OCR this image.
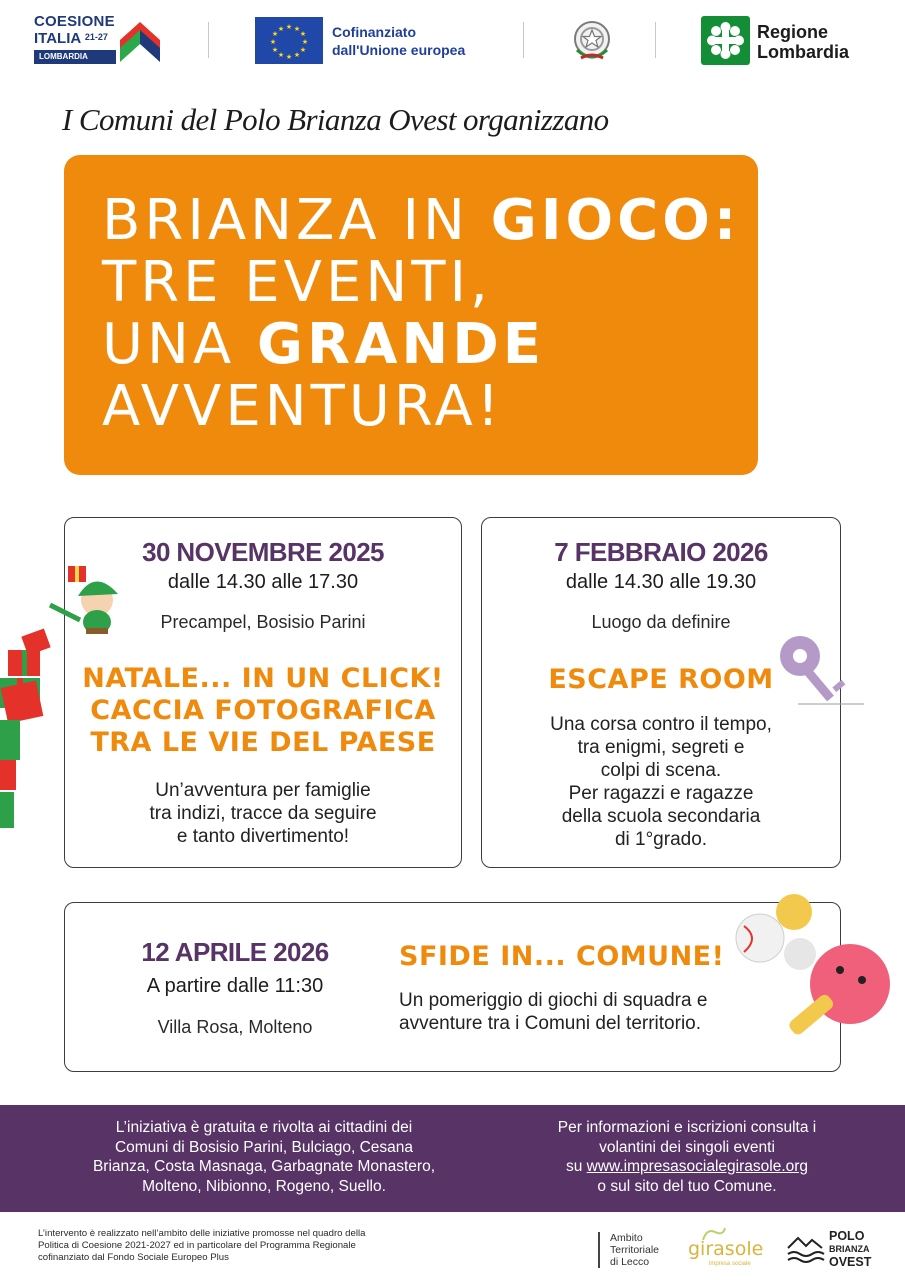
COESIONE
ITALIA $^{21-27}$
LOMBARDIA
★ ★
★
★
★
★
★
★
★
★
★
★	Cofinanziato
dall'Unione europea
Regione
Lombardia
I Comuni del Polo Brianza Ovest organizzano
BRIANZA IN GIOCO:
TRE EVENTI,
UNA GRANDE
AVVENTURA!
30 NOVEMBRE 2025
dalle 14.30 alle 17.30
Precampel, Bosisio Parini
NATALE... IN UN CLICK!
CACCIA FOTOGRAFICA
TRA LE VIE DEL PAESE
Un’avventura per famiglie
tra indizi, tracce da seguire
e tanto divertimento!
7 FEBBRAIO 2026
dalle 14.30 alle 19.30
Luogo da definire
ESCAPE ROOM
Una corsa contro il tempo,
tra enigmi, segreti e
colpi di scena.
Per ragazzi e ragazze
della scuola secondaria
di 1°grado.
12 APRILE 2026
A partire dalle 11:30
Villa Rosa, Molteno
SFIDE IN... COMUNE!
Un pomeriggio di giochi di squadra e
avventure tra i Comuni del territorio.
L’iniziativa è gratuita e rivolta ai cittadini dei
Comuni di Bosisio Parini, Bulciago, Cesana
Brianza, Costa Masnaga, Garbagnate Monastero,
Molteno, Nibionno, Rogeno, Suello.
Per informazioni e iscrizioni consulta i
volantini dei singoli eventi
su www.impresasocialegirasole.org
o sul sito del tuo Comune.
L’intervento è realizzato nell’ambito delle iniziative promosse nel quadro della
Politica di Coesione 2021-2027 ed in particolare del Programma Regionale
cofinanziato dal Fondo Sociale Europeo Plus
Ambito
Territoriale
di Lecco
girasole
impresa sociale
POLO
BRIANZA
OVEST
